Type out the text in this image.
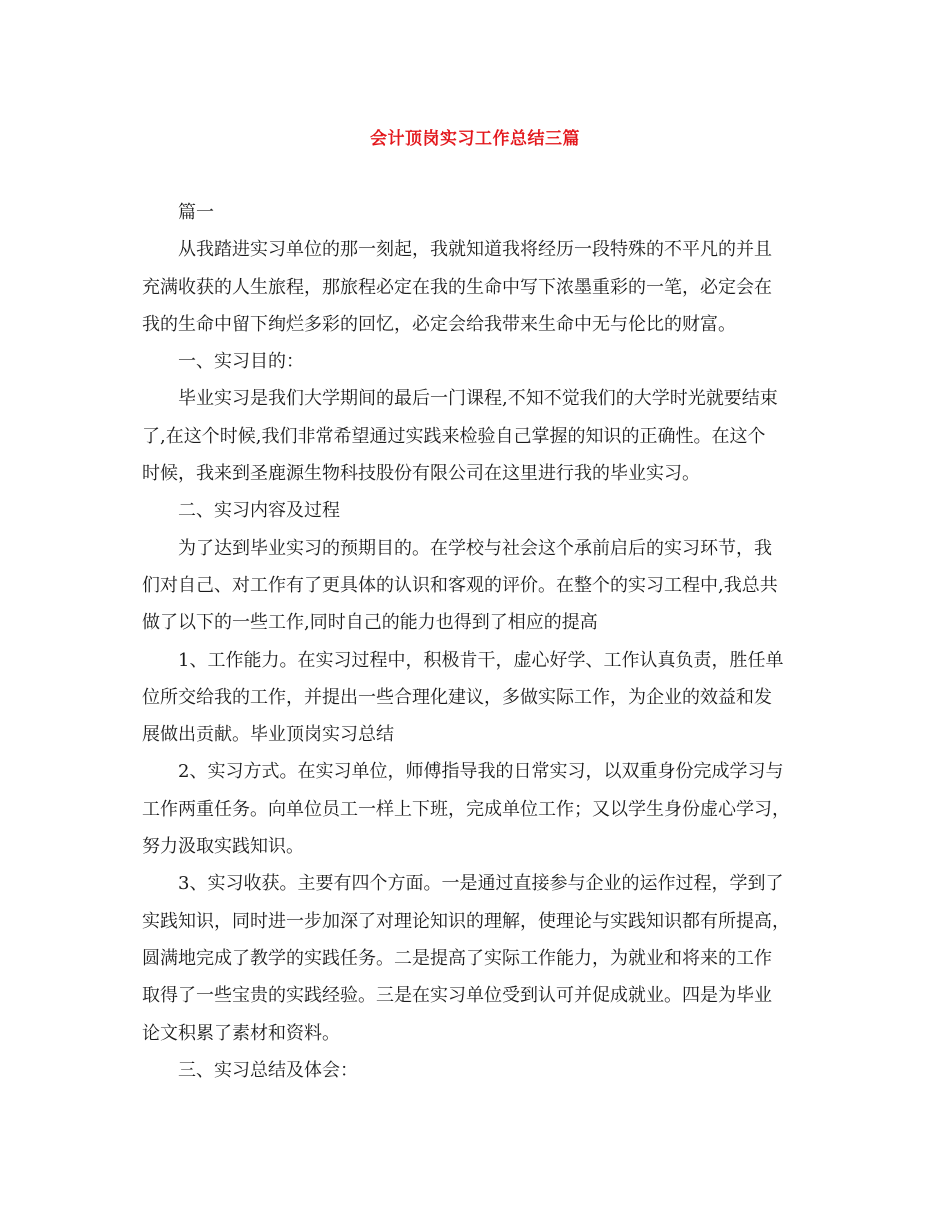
会计顶岗实习工作总结三篇
篇一
从我踏进实习单位的那一刻起，我就知道我将经历一段特殊的不平凡的并且
充满收获的人生旅程，那旅程必定在我的生命中写下浓墨重彩的一笔，必定会在
我的生命中留下绚烂多彩的回忆，必定会给我带来生命中无与伦比的财富。
一、实习目的：
毕业实习是我们大学期间的最后一门课程,不知不觉我们的大学时光就要结束
了,在这个时候,我们非常希望通过实践来检验自己掌握的知识的正确性。在这个
时候，我来到圣鹿源生物科技股份有限公司在这里进行我的毕业实习。
二、实习内容及过程
为了达到毕业实习的预期目的。在学校与社会这个承前启后的实习环节，我
们对自己、对工作有了更具体的认识和客观的评价。在整个的实习工程中,我总共
做了以下的一些工作,同时自己的能力也得到了相应的提高
1、工作能力。在实习过程中，积极肯干，虚心好学、工作认真负责，胜任单
位所交给我的工作，并提出一些合理化建议，多做实际工作，为企业的效益和发
展做出贡献。毕业顶岗实习总结
2、实习方式。在实习单位，师傅指导我的日常实习，以双重身份完成学习与
工作两重任务。向单位员工一样上下班，完成单位工作；又以学生身份虚心学习，
努力汲取实践知识。
3、实习收获。主要有四个方面。一是通过直接参与企业的运作过程，学到了
实践知识，同时进一步加深了对理论知识的理解，使理论与实践知识都有所提高，
圆满地完成了教学的实践任务。二是提高了实际工作能力，为就业和将来的工作
取得了一些宝贵的实践经验。三是在实习单位受到认可并促成就业。四是为毕业
论文积累了素材和资料。
三、实习总结及体会：
